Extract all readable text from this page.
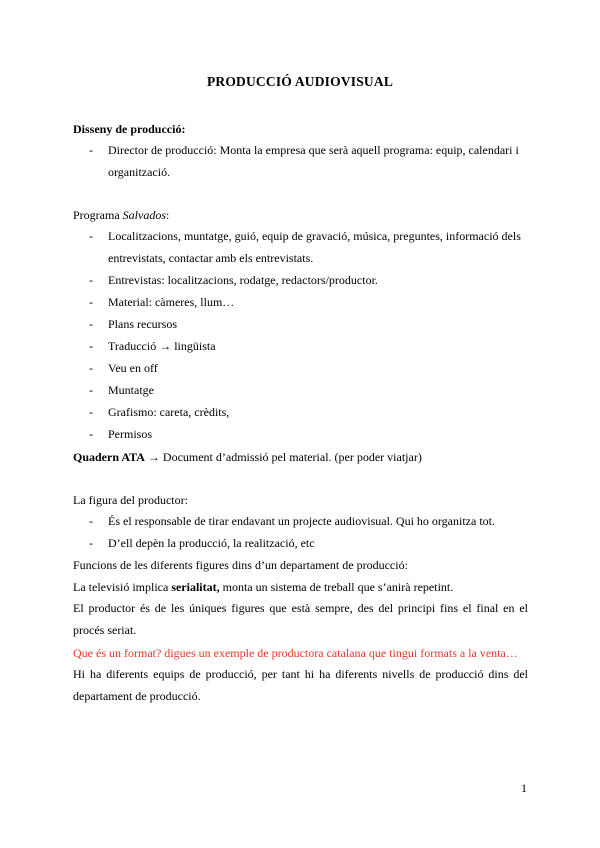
PRODUCCIÓ AUDIOVISUAL
Disseny de producció:
- Director de producció: Monta la empresa que serà aquell programa: equip, calendari i organització.
Programa Salvados:
- Localitzacions, muntatge, guió, equip de gravació, música, preguntes, informació dels entrevistats, contactar amb els entrevistats.
- Entrevistas: localitzacions, rodatge, redactors/productor.
- Material: càmeres, llum…
- Plans recursos
- Traducció → lingüista
- Veu en off
- Muntatge
- Grafismo: careta, crèdits,
- Permisos
Quadern ATA → Document d’admissió pel material. (per poder viatjar)
La figura del productor:
- És el responsable de tirar endavant un projecte audiovisual. Qui ho organitza tot.
- D’ell depèn la producció, la realització, etc
Funcions de les diferents figures dins d’un departament de producció:
La televisió implica serialitat, monta un sistema de treball que s’anirà repetint.
El productor és de les úniques figures que està sempre, des del principi fins el final en el procés seriat.
Que és un format? digues un exemple de productora catalana que tingui formats a la venta…
Hi ha diferents equips de producció, per tant hi ha diferents nivells de producció dins del departament de producció.
1
